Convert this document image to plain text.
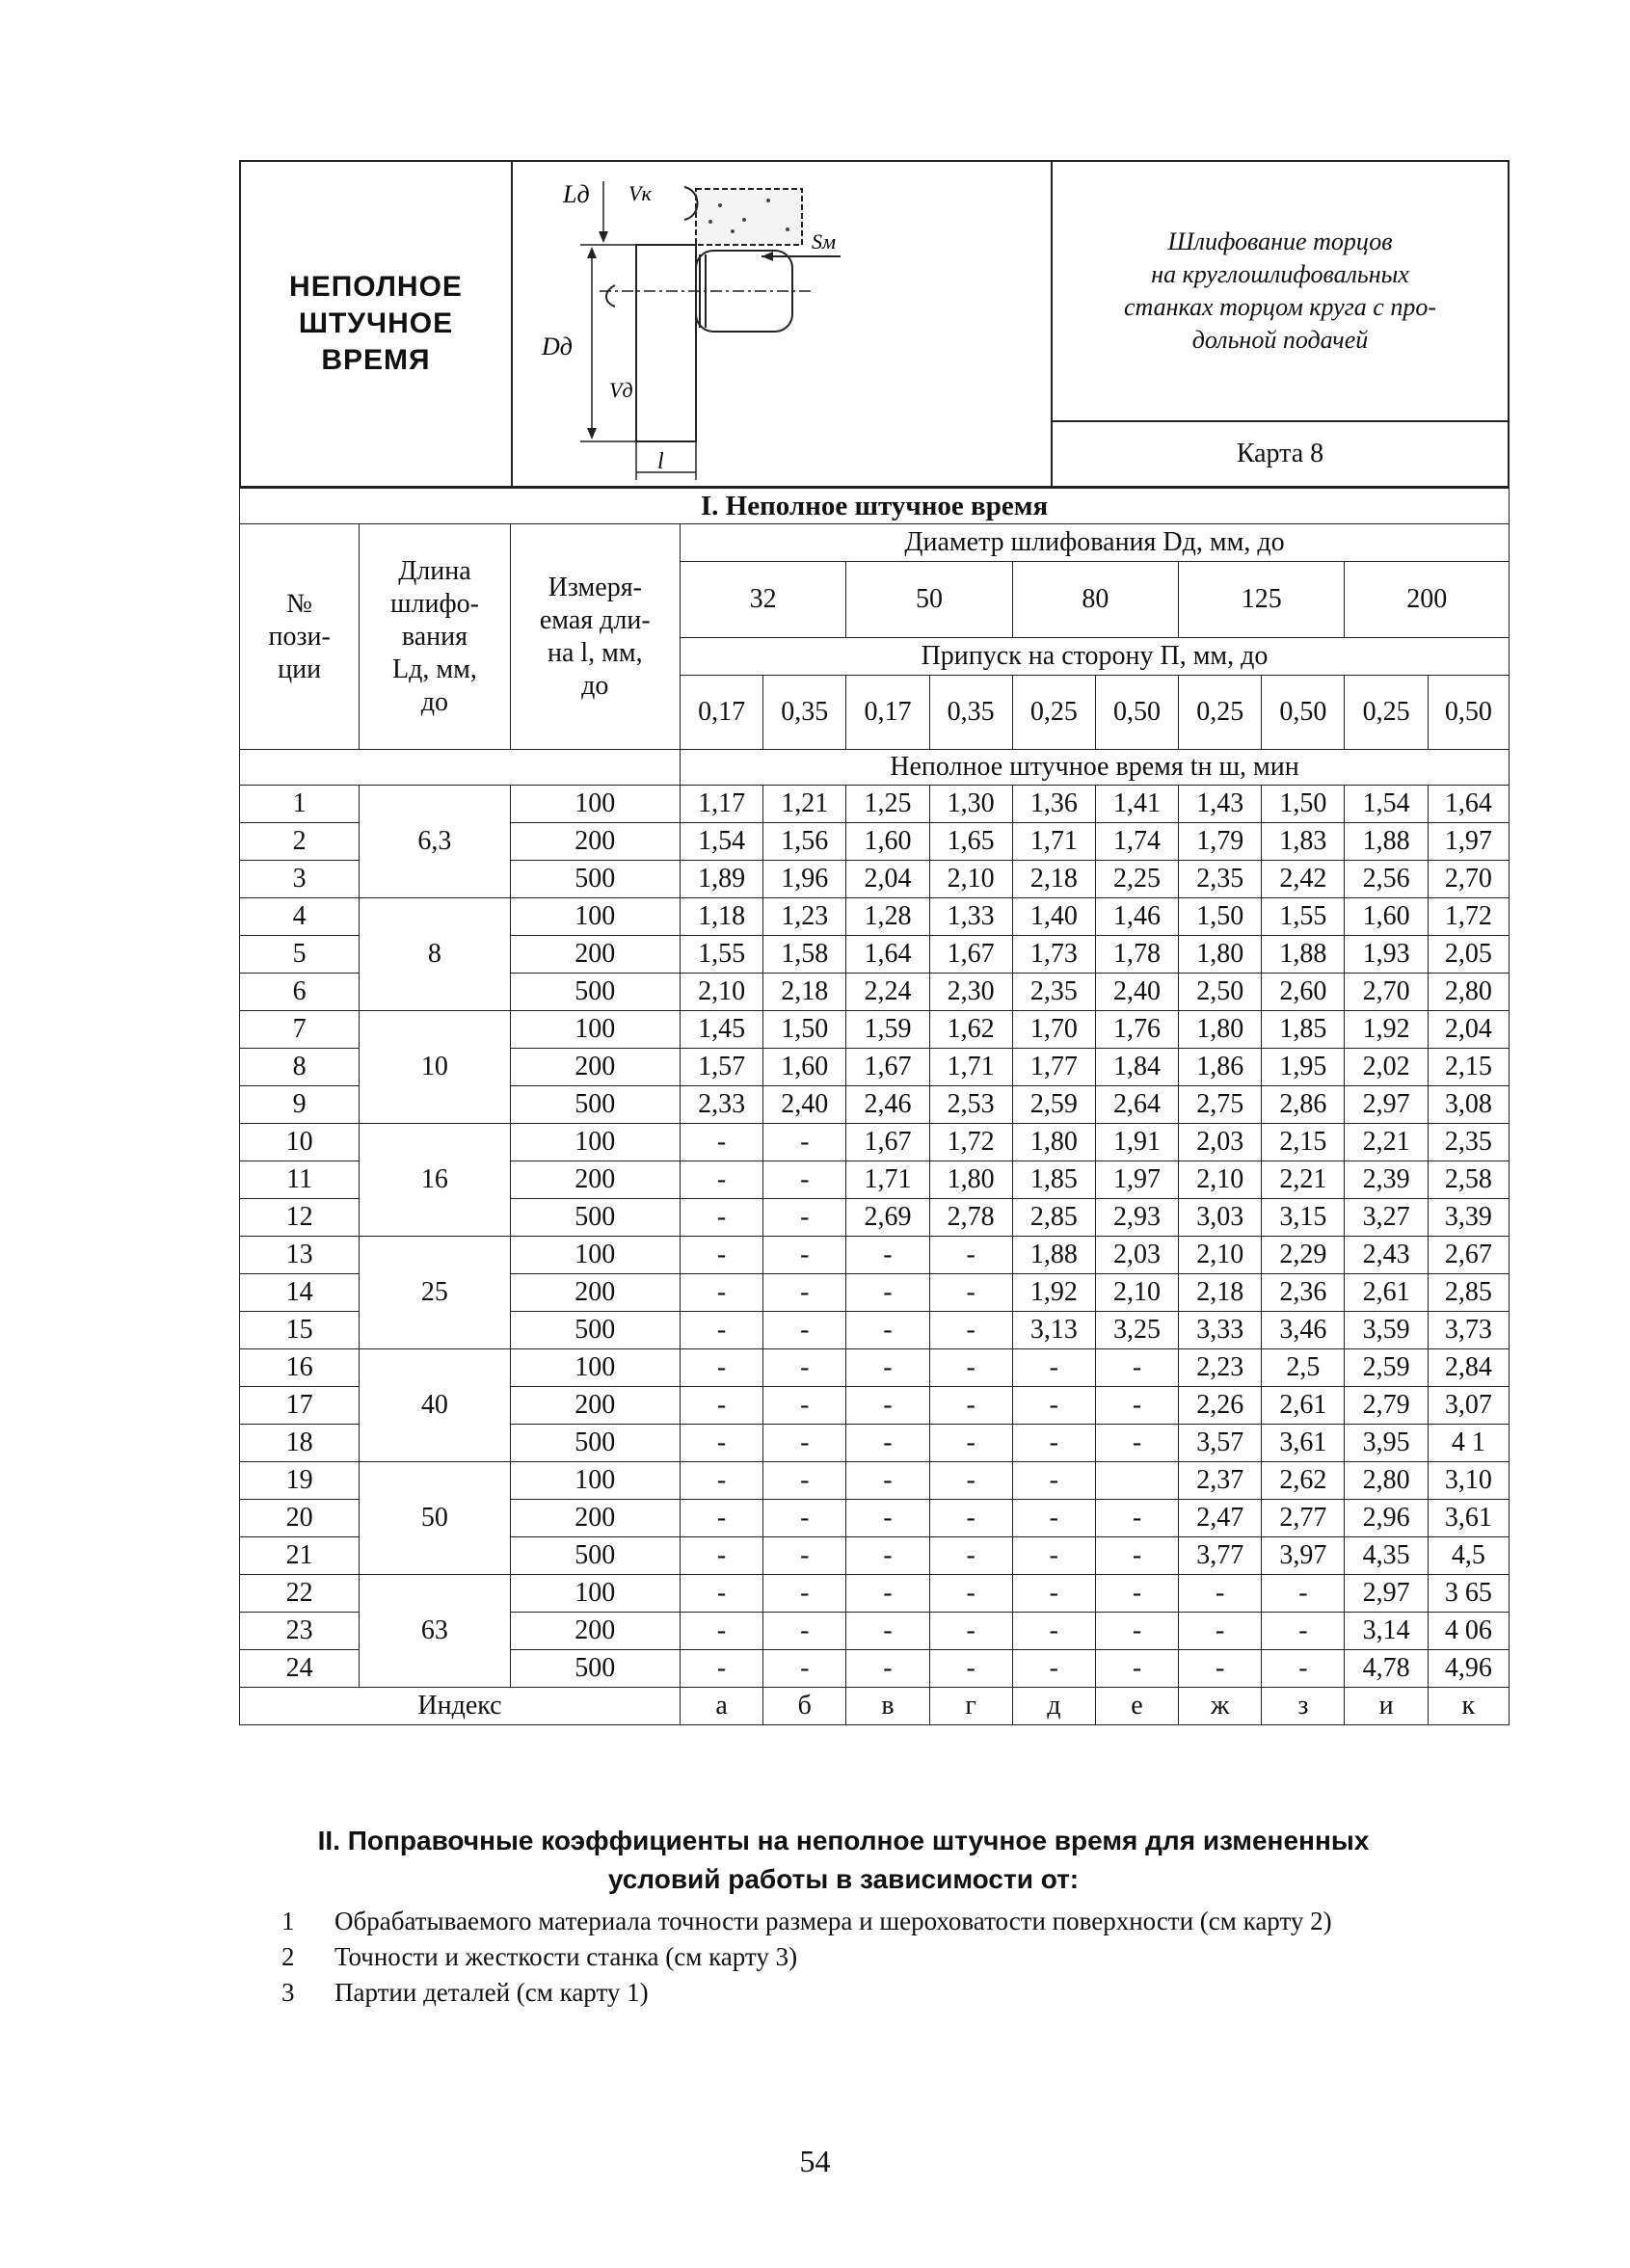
НЕПОЛНОЕ
ШТУЧНОЕ
ВРЕМЯ
Lд Vк
Sм
Dд
Vд
l
Шлифование торцов
на круглошлифовальных
станках торцом круга с про-
дольной подачей
Карта 8
I. Неполное штучное время												
№
пози-
ции	Длина
шлифо-
вания
Lд, мм,
до	Измеря-
емая дли-
на l, мм,
до	Диаметр шлифования Dд, мм, до									
			32		50		80		125		200	
			Припуск на сторону П, мм, до									
			0,17	0,35	0,17	0,35	0,25	0,50	0,25	0,50	0,25	0,50
			Неполное штучное время tн ш, мин									
1	6,3	100	1,17	1,21	1,25	1,30	1,36	1,41	1,43	1,50	1,54	1,64
2		200	1,54	1,56	1,60	1,65	1,71	1,74	1,79	1,83	1,88	1,97
3		500	1,89	1,96	2,04	2,10	2,18	2,25	2,35	2,42	2,56	2,70
4	8	100	1,18	1,23	1,28	1,33	1,40	1,46	1,50	1,55	1,60	1,72
5		200	1,55	1,58	1,64	1,67	1,73	1,78	1,80	1,88	1,93	2,05
6		500	2,10	2,18	2,24	2,30	2,35	2,40	2,50	2,60	2,70	2,80
7	10	100	1,45	1,50	1,59	1,62	1,70	1,76	1,80	1,85	1,92	2,04
8		200	1,57	1,60	1,67	1,71	1,77	1,84	1,86	1,95	2,02	2,15
9		500	2,33	2,40	2,46	2,53	2,59	2,64	2,75	2,86	2,97	3,08
10	16	100	-	-	1,67	1,72	1,80	1,91	2,03	2,15	2,21	2,35
11		200	-	-	1,71	1,80	1,85	1,97	2,10	2,21	2,39	2,58
12		500	-	-	2,69	2,78	2,85	2,93	3,03	3,15	3,27	3,39
13	25	100	-	-	-	-	1,88	2,03	2,10	2,29	2,43	2,67
14		200	-	-	-	-	1,92	2,10	2,18	2,36	2,61	2,85
15		500	-	-	-	-	3,13	3,25	3,33	3,46	3,59	3,73
16	40	100	-	-	-	-	-	-	2,23	2,5	2,59	2,84
17		200	-	-	-	-	-	-	2,26	2,61	2,79	3,07
18		500	-	-	-	-	-	-	3,57	3,61	3,95	4 1
19	50	100	-	-	-	-	-		2,37	2,62	2,80	3,10
20		200	-	-	-	-	-	-	2,47	2,77	2,96	3,61
21		500	-	-	-	-	-	-	3,77	3,97	4,35	4,5
22	63	100	-	-	-	-	-	-	-	-	2,97	3 65
23		200	-	-	-	-	-	-	-	-	3,14	4 06
24		500	-	-	-	-	-	-	-	-	4,78	4,96
Индекс			а	б	в	г	д	е	ж	з	и	к
II. Поправочные коэффициенты на неполное штучное время для измененных
условий работы в зависимости от:
1 Обрабатываемого материала точности размера и шероховатости поверхности (см карту 2)
2 Точности и жесткости станка (см карту 3)
3 Партии деталей (см карту 1)
54
